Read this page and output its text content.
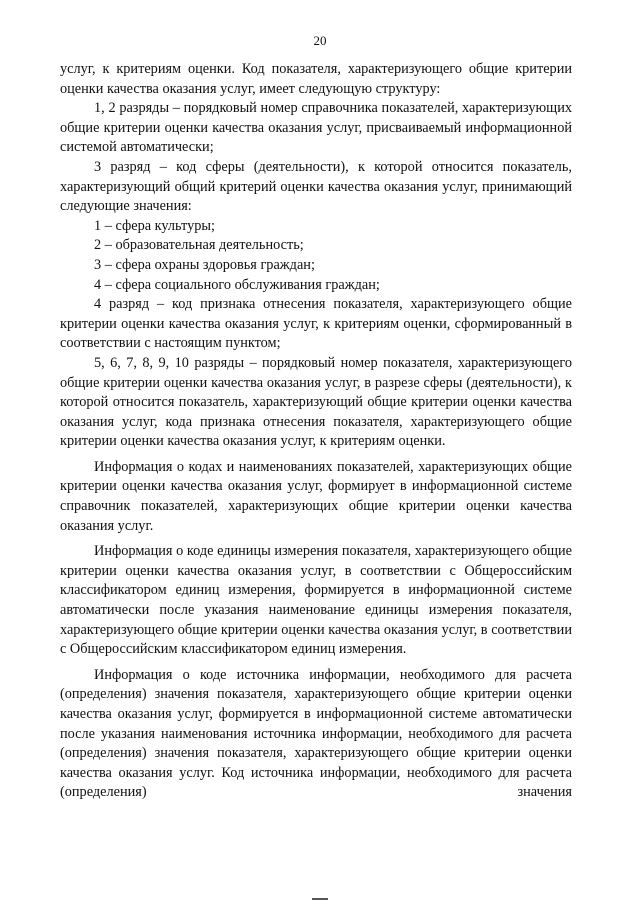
20

услуг, к критериям оценки. Код показателя, характеризующего общие критерии оценки качества оказания услуг, имеет следующую структуру:

1, 2 разряды – порядковый номер справочника показателей, характеризующих общие критерии оценки качества оказания услуг, присваиваемый информационной системой автоматически;

3 разряд – код сферы (деятельности), к которой относится показатель, характеризующий общий критерий оценки качества оказания услуг, принимающий следующие значения:

1 – сфера культуры;

2 – образовательная деятельность;

3 – сфера охраны здоровья граждан;

4 – сфера социального обслуживания граждан;

4 разряд – код признака отнесения показателя, характеризующего общие критерии оценки качества оказания услуг, к критериям оценки, сформированный в соответствии с настоящим пунктом;

5, 6, 7, 8, 9, 10 разряды – порядковый номер показателя, характеризующего общие критерии оценки качества оказания услуг, в разрезе сферы (деятельности), к которой относится показатель, характеризующий общие критерии оценки качества оказания услуг, кода признака отнесения показателя, характеризующего общие критерии оценки качества оказания услуг, к критериям оценки.

Информация о кодах и наименованиях показателей, характеризующих общие критерии оценки качества оказания услуг, формирует в информационной системе справочник показателей, характеризующих общие критерии оценки качества оказания услуг.

Информация о коде единицы измерения показателя, характеризующего общие критерии оценки качества оказания услуг, в соответствии с Общероссийским классификатором единиц измерения, формируется в информационной системе автоматически после указания наименование единицы измерения показателя, характеризующего общие критерии оценки качества оказания услуг, в соответствии с Общероссийским классификатором единиц измерения.

Информация о коде источника информации, необходимого для расчета (определения) значения показателя, характеризующего общие критерии оценки качества оказания услуг, формируется в информационной системе автоматически после указания наименования источника информации, необходимого для расчета (определения) значения показателя, характеризующего общие критерии оценки качества оказания услуг. Код источника информации, необходимого для расчета (определения) значения
